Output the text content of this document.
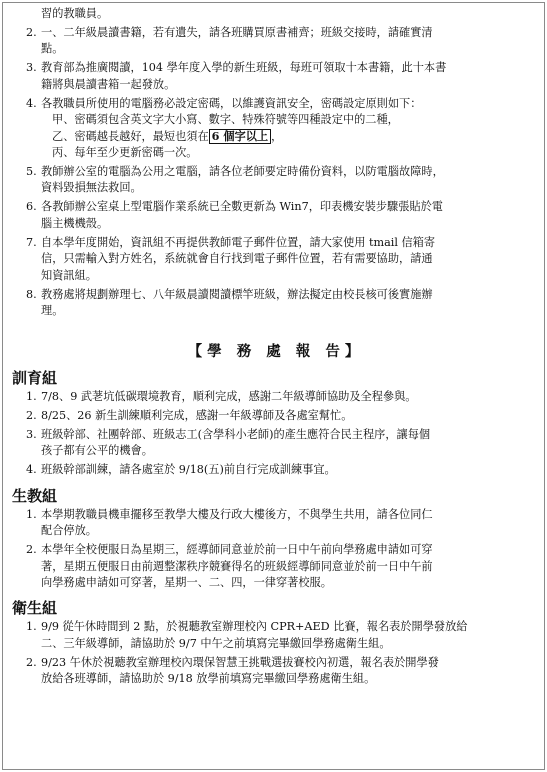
習的教職員。
2. 一、二年級晨讀書籍，若有遺失，請各班購買原書補齊；班級交接時，請確實清
點。
3. 教育部為推廣閱讀，104 學年度入學的新生班級，每班可領取十本書籍，此十本書
籍將與晨讀書箱一起發放。
4. 各教職員所使用的電腦務必設定密碼，以維護資訊安全，密碼設定原則如下：
甲、密碼須包含英文字大小寫、數字、特殊符號等四種設定中的二種，
乙、密碼越長越好，最短也須在 6 個字以上 ，
丙、每年至少更新密碼一次。
5. 教師辦公室的電腦為公用之電腦，請各位老師要定時備份資料，以防電腦故障時，
資料毀損無法救回。
6. 各教師辦公室桌上型電腦作業系統已全數更新為 Win7，印表機安裝步驟張貼於電
腦主機機殼。
7. 自本學年度開始，資訊組不再提供教師電子郵件位置，請大家使用 tmail 信箱寄
信，只需輸入對方姓名，系統就會自行找到電子郵件位置，若有需要協助，請通
知資訊組。
8. 教務處將規劃辦理七、八年級晨讀閱讀標竿班級，辦法擬定由校長核可後實施辦
理。
【學 務 處 報 告】
訓育組
1. 7/8、9 武荖坑低碳環境教育，順利完成，感謝二年級導師協助及全程參與。
2. 8/25、26 新生訓練順利完成，感謝一年級導師及各處室幫忙。
3. 班級幹部、社團幹部、班級志工(含學科小老師)的產生應符合民主程序，讓每個
孩子都有公平的機會。
4. 班級幹部訓練，請各處室於 9/18(五)前自行完成訓練事宜。
生教組
1. 本學期教職員機車擺移至教學大樓及行政大樓後方，不與學生共用，請各位同仁
配合停放。
2. 本學年全校便服日為星期三，經導師同意並於前一日中午前向學務處申請如可穿
著，星期五便服日由前週整潔秩序競賽得名的班級經導師同意並於前一日中午前
向學務處申請如可穿著，星期一、二、四，一律穿著校服。
衛生組
1. 9/9 從午休時間到 2 點，於視聽教室辦理校內 CPR+AED 比賽，報名表於開學發放給
二、三年級導師，請協助於 9/7 中午之前填寫完畢繳回學務處衛生組。
2. 9/23 午休於視聽教室辦理校內環保智慧王挑戰選拔賽校內初選，報名表於開學發
放給各班導師，請協助於 9/18 放學前填寫完畢繳回學務處衛生組。
